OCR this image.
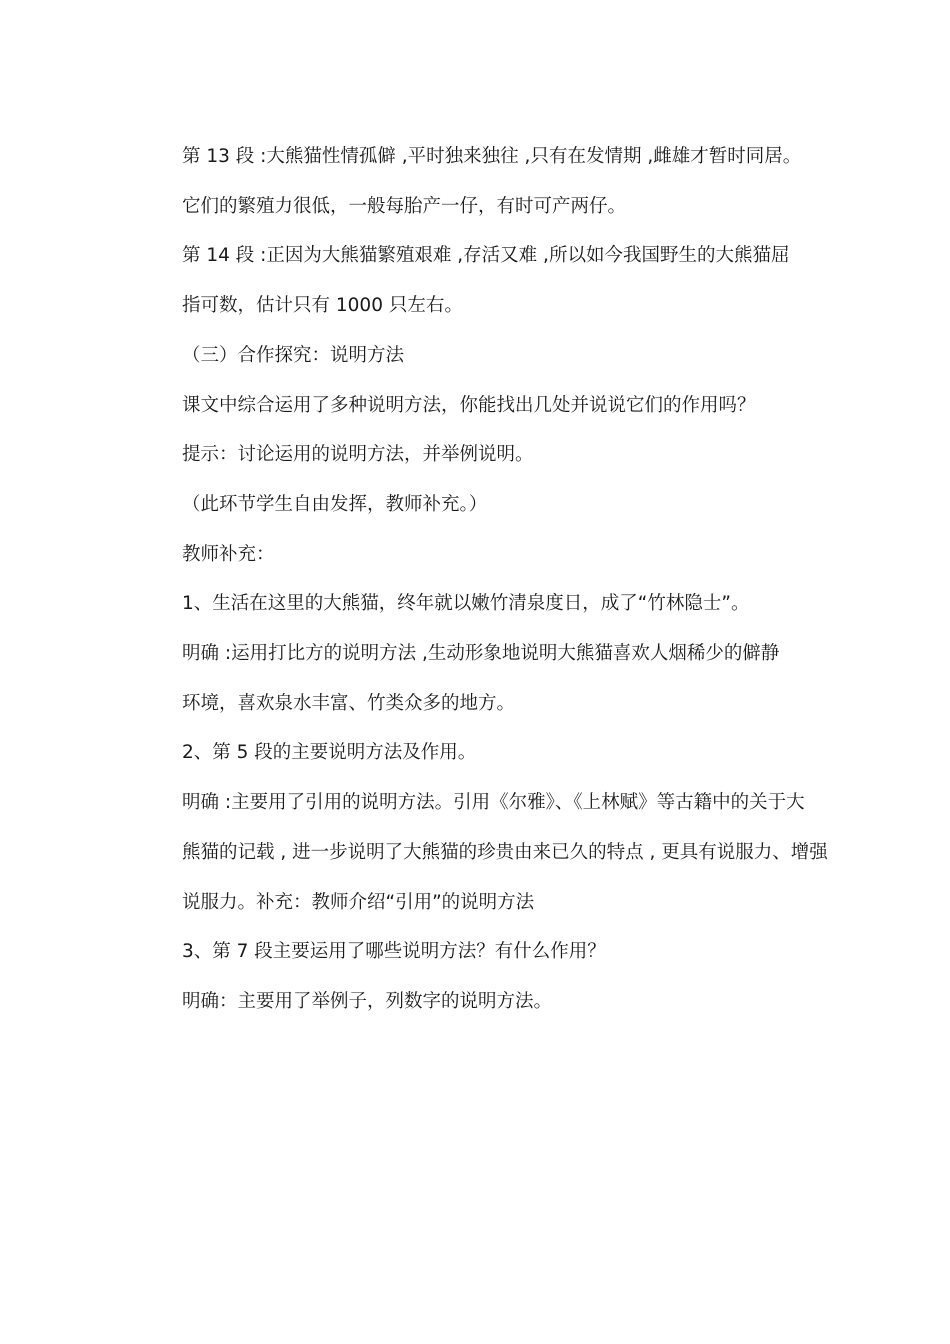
第 13 段 :大熊猫性情孤僻 ,平时独来独往 ,只有在发情期 ,雌雄才暂时同居。
它们的繁殖力很低，一般每胎产一仔，有时可产两仔。
第 14 段 :正因为大熊猫繁殖艰难 ,存活又难 ,所以如今我国野生的大熊猫屈
指可数，估计只有 1000 只左右。
（三）合作探究：说明方法
课文中综合运用了多种说明方法，你能找出几处并说说它们的作用吗？
提示：讨论运用的说明方法，并举例说明。
（此环节学生自由发挥，教师补充。）
教师补充：
1、生活在这里的大熊猫，终年就以嫩竹清泉度日，成了“竹林隐士”。
明确 :运用打比方的说明方法 ,生动形象地说明大熊猫喜欢人烟稀少的僻静
环境，喜欢泉水丰富、竹类众多的地方。
2、第 5 段的主要说明方法及作用。
明确 :主要用了引用的说明方法。引用《尔雅》、《上林赋》等古籍中的关于大
熊猫的记载 , 进一步说明了大熊猫的珍贵由来已久的特点 , 更具有说服力、增强
说服力。补充：教师介绍“引用”的说明方法
3、第 7 段主要运用了哪些说明方法？有什么作用？
明确：主要用了举例子，列数字的说明方法。
